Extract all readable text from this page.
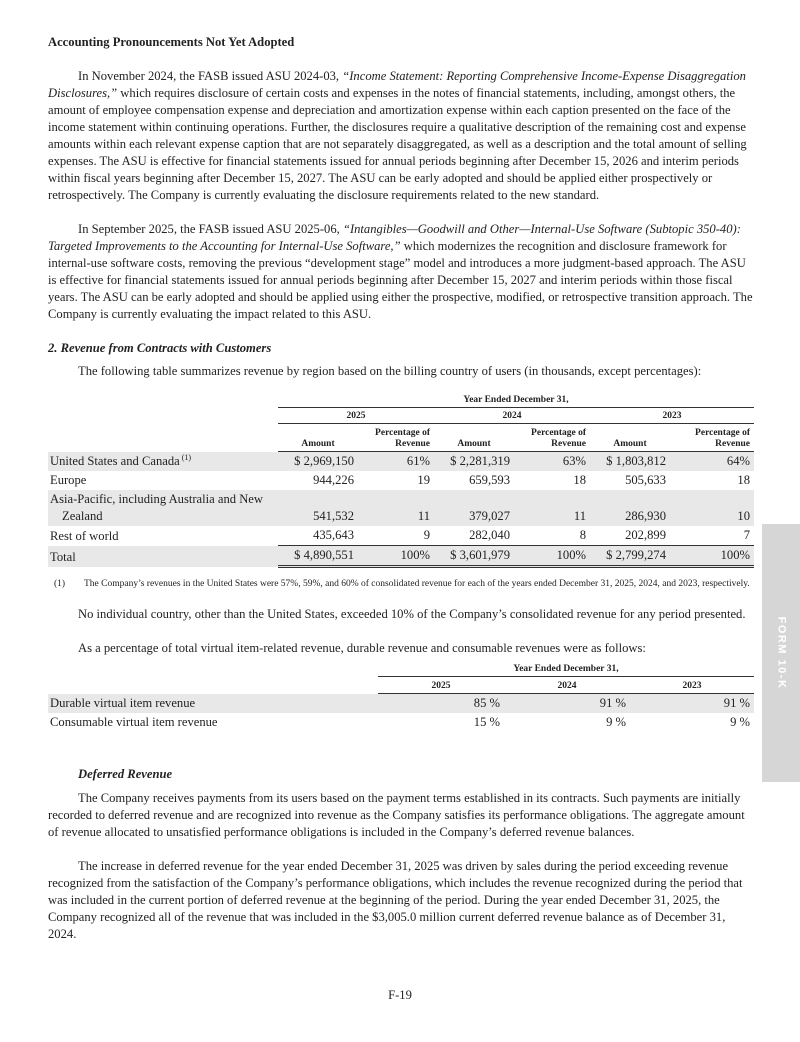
Accounting Pronouncements Not Yet Adopted

In November 2024, the FASB issued ASU 2024-03, “Income Statement: Reporting Comprehensive Income-Expense Disaggregation Disclosures,” which requires disclosure of certain costs and expenses in the notes of financial statements, including, amongst others, the amount of employee compensation expense and depreciation and amortization expense within each caption presented on the face of the income statement within continuing operations. Further, the disclosures require a qualitative description of the remaining cost and expense amounts within each relevant expense caption that are not separately disaggregated, as well as a description and the total amount of selling expenses. The ASU is effective for financial statements issued for annual periods beginning after December 15, 2026 and interim periods within fiscal years beginning after December 15, 2027. The ASU can be early adopted and should be applied either prospectively or retrospectively. The Company is currently evaluating the disclosure requirements related to the new standard.

In September 2025, the FASB issued ASU 2025-06, “Intangibles—Goodwill and Other—Internal-Use Software (Subtopic 350-40): Targeted Improvements to the Accounting for Internal-Use Software,” which modernizes the recognition and disclosure framework for internal-use software costs, removing the previous “development stage” model and introduces a more judgment-based approach. The ASU is effective for financial statements issued for annual periods beginning after December 15, 2027 and interim periods within those fiscal years. The ASU can be early adopted and should be applied using either the prospective, modified, or retrospective transition approach. The Company is currently evaluating the impact related to this ASU.

2. Revenue from Contracts with Customers

The following table summarizes revenue by region based on the billing country of users (in thousands, except percentages):

	Year Ended December 31,					
	2025		2024		2023	
	Amount	Percentage of Revenue	Amount	Percentage of Revenue	Amount	Percentage of Revenue
United States and Canada $^{(1)}$	$ 2,969,150	61%	$ 2,281,319	63%	$ 1,803,812	64%
Europe	944,226	19	659,593	18	505,633	18

Asia-Pacific, including Australia and New
Zealand	541,532	11	379,027	11	286,930	10
Rest of world	435,643	9	282,040	8	202,899	7
Total	$ 4,890,551	100%	$ 3,601,979	100%	$ 2,799,274	100%
(1)	The Company’s revenues in the United States were 57%, 59%, and 60% of consolidated revenue for each of the years ended December 31, 2025, 2024, and 2023, respectively.

No individual country, other than the United States, exceeded 10% of the Company’s consolidated revenue for any period presented.

As a percentage of total virtual item-related revenue, durable revenue and consumable revenues were as follows:

	Year Ended December 31,		
	2025	2024	2023
Durable virtual item revenue	85 %	91 %	91 %
Consumable virtual item revenue	15 %	9 %	9 %
Deferred Revenue

The Company receives payments from its users based on the payment terms established in its contracts. Such payments are initially recorded to deferred revenue and are recognized into revenue as the Company satisfies its performance obligations. The aggregate amount of revenue allocated to unsatisfied performance obligations is included in the Company’s deferred revenue balances.

The increase in deferred revenue for the year ended December 31, 2025 was driven by sales during the period exceeding revenue recognized from the satisfaction of the Company’s performance obligations, which includes the revenue recognized during the period that was included in the current portion of deferred revenue at the beginning of the period. During the year ended December 31, 2025, the Company recognized all of the revenue that was included in the $3,005.0 million current deferred revenue balance as of December 31, 2024.

FORM 10-K
F-19
